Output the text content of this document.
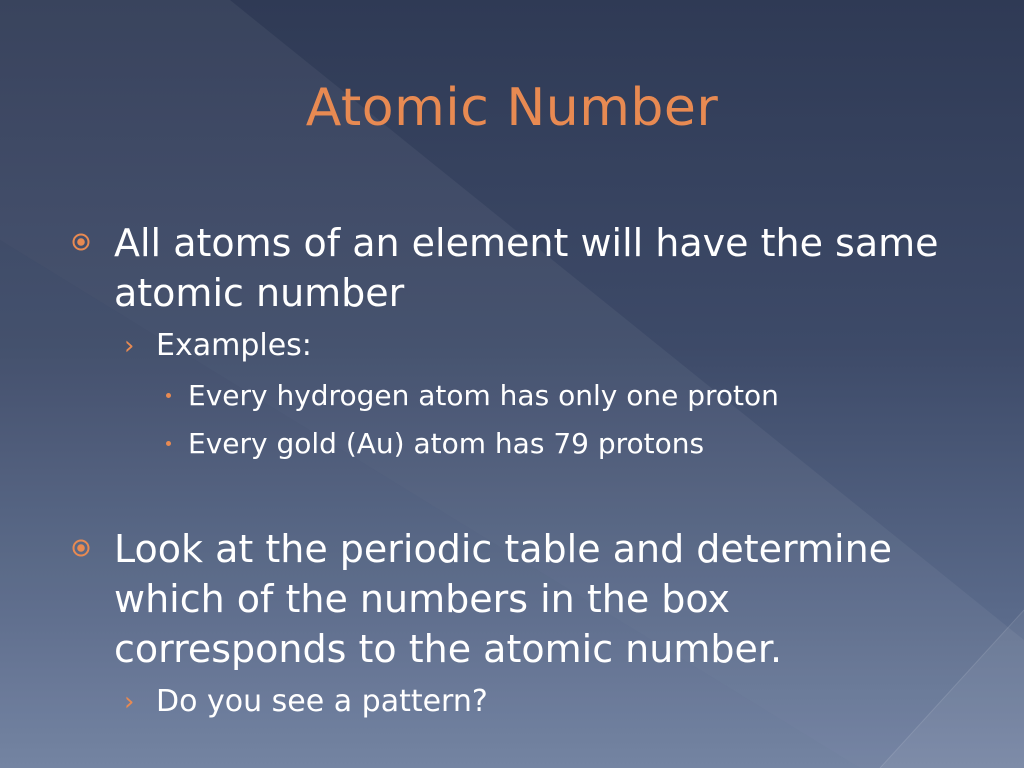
Atomic Number
All atoms of an element will have the same atomic number
› Examples:
Every hydrogen atom has only one proton
Every gold (Au) atom has 79 protons
Look at the periodic table and determine which of the numbers in the box corresponds to the atomic number.
› Do you see a pattern?
